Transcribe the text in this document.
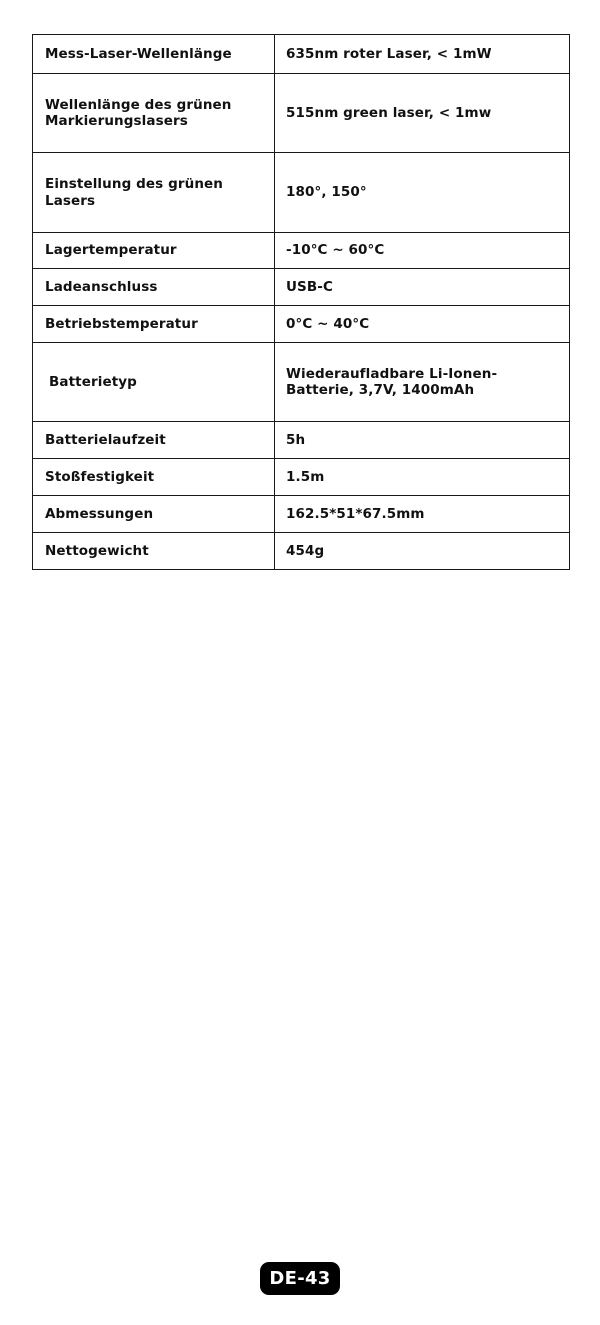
Mess-Laser-Wellenlänge	635nm roter Laser, < 1mW
Wellenlänge des grünen Markierungslasers	515nm green laser, < 1mw
Einstellung des grünen Lasers	180°, 150°
Lagertemperatur	-10°C ~ 60°C
Ladeanschluss	USB-C
Betriebstemperatur	0°C ~ 40°C
Batterietyp	Wiederaufladbare Li-Ionen-Batterie, 3,7V, 1400mAh
Batterielaufzeit	5h
Stoßfestigkeit	1.5m
Abmessungen	162.5*51*67.5mm
Nettogewicht	454g
DE-43
